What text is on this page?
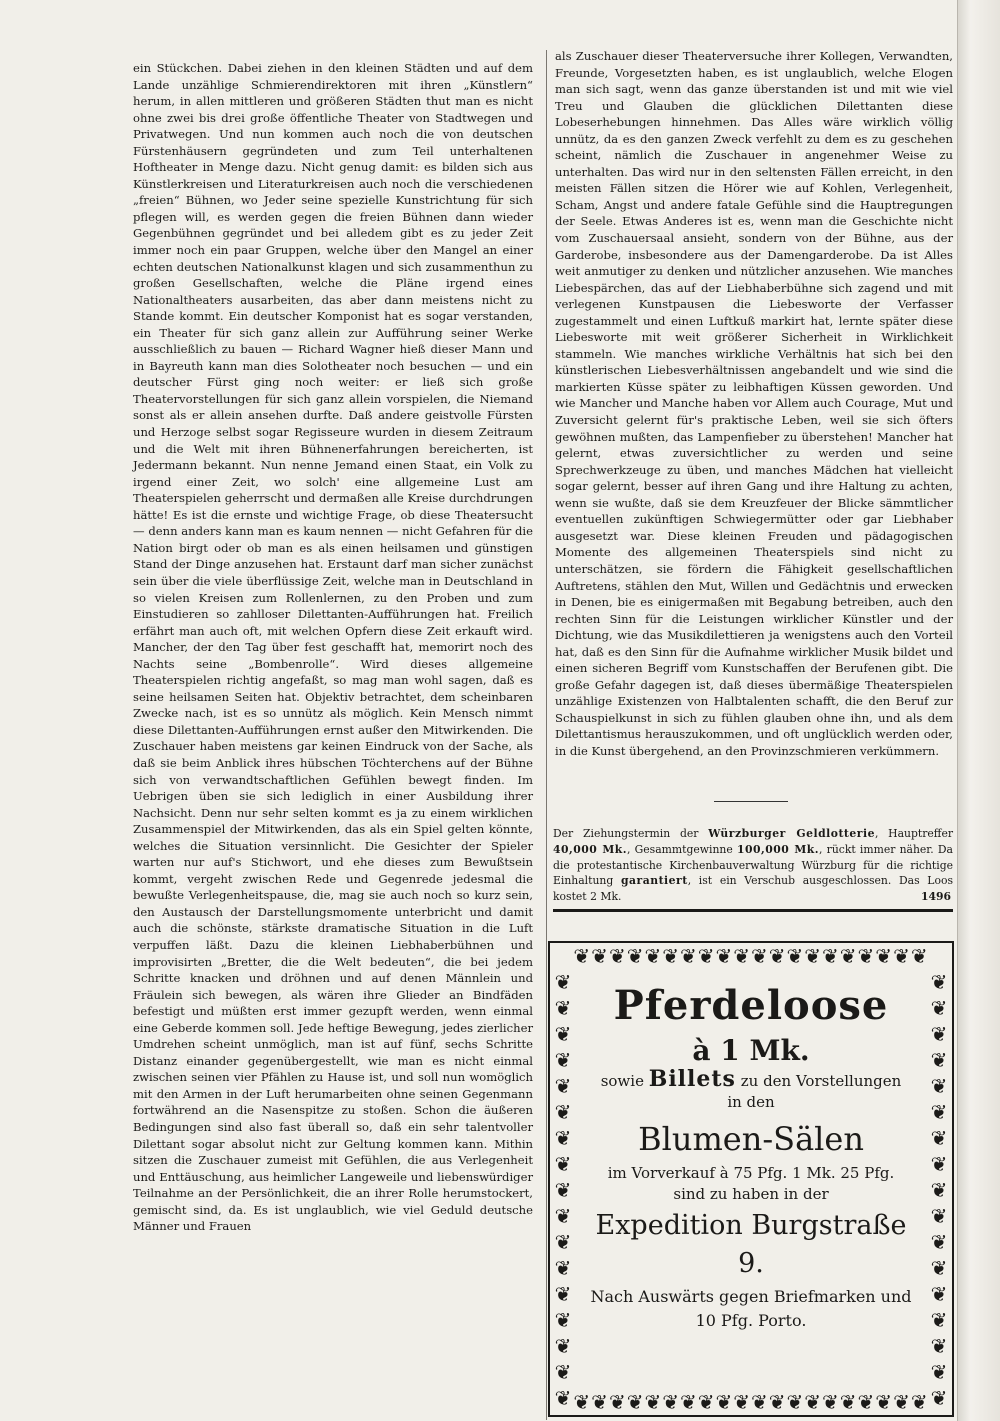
ein Stückchen. Dabei ziehen in den kleinen Städten und auf dem Lande unzählige Schmierendirektoren mit ihren „Künstlern“ herum, in allen mittleren und größeren Städten thut man es nicht ohne zwei bis drei große öffentliche Theater von Stadtwegen und Privatwegen. Und nun kommen auch noch die von deutschen Fürstenhäusern gegründeten und zum Teil unterhaltenen Hoftheater in Menge dazu. Nicht genug damit: es bilden sich aus Künstlerkreisen und Literaturkreisen auch noch die verschiedenen „freien“ Bühnen, wo Jeder seine spezielle Kunstrichtung für sich pflegen will, es werden gegen die freien Bühnen dann wieder Gegenbühnen gegründet und bei alledem gibt es zu jeder Zeit immer noch ein paar Gruppen, welche über den Mangel an einer echten deutschen Nationalkunst klagen und sich zusammenthun zu großen Gesellschaften, welche die Pläne irgend eines Nationaltheaters ausarbeiten, das aber dann meistens nicht zu Stande kommt. Ein deutscher Komponist hat es sogar verstanden, ein Theater für sich ganz allein zur Aufführung seiner Werke ausschließlich zu bauen — Richard Wagner hieß dieser Mann und in Bayreuth kann man dies Solotheater noch besuchen — und ein deutscher Fürst ging noch weiter: er ließ sich große Theatervorstellungen für sich ganz allein vorspielen, die Niemand sonst als er allein ansehen durfte. Daß andere geistvolle Fürsten und Herzoge selbst sogar Regisseure wurden in diesem Zeitraum und die Welt mit ihren Bühnenerfahrungen bereicherten, ist Jedermann bekannt. Nun nenne Jemand einen Staat, ein Volk zu irgend einer Zeit, wo solch' eine allgemeine Lust am Theaterspielen geherrscht und dermaßen alle Kreise durchdrungen hätte! Es ist die ernste und wichtige Frage, ob diese Theatersucht — denn anders kann man es kaum nennen — nicht Gefahren für die Nation birgt oder ob man es als einen heilsamen und günstigen Stand der Dinge anzusehen hat. Erstaunt darf man sicher zunächst sein über die viele überflüssige Zeit, welche man in Deutschland in so vielen Kreisen zum Rollenlernen, zu den Proben und zum Einstudieren so zahlloser Dilettanten-Aufführungen hat. Freilich erfährt man auch oft, mit welchen Opfern diese Zeit erkauft wird. Mancher, der den Tag über fest geschafft hat, memorirt noch des Nachts seine „Bombenrolle“. Wird dieses allgemeine Theaterspielen richtig angefaßt, so mag man wohl sagen, daß es seine heilsamen Seiten hat. Objektiv betrachtet, dem scheinbaren Zwecke nach, ist es so unnütz als möglich. Kein Mensch nimmt diese Dilettanten-Aufführungen ernst außer den Mitwirkenden. Die Zuschauer haben meistens gar keinen Eindruck von der Sache, als daß sie beim Anblick ihres hübschen Töchterchens auf der Bühne sich von verwandtschaftlichen Gefühlen bewegt finden. Im Uebrigen üben sie sich lediglich in einer Ausbildung ihrer Nachsicht. Denn nur sehr selten kommt es ja zu einem wirklichen Zusammenspiel der Mitwirkenden, das als ein Spiel gelten könnte, welches die Situation versinnlicht. Die Gesichter der Spieler warten nur auf's Stichwort, und ehe dieses zum Bewußtsein kommt, vergeht zwischen Rede und Gegenrede jedesmal die bewußte Verlegenheitspause, die, mag sie auch noch so kurz sein, den Austausch der Darstellungsmomente unterbricht und damit auch die schönste, stärkste dramatische Situation in die Luft verpuffen läßt. Dazu die kleinen Liebhaberbühnen und improvisirten „Bretter, die die Welt bedeuten“, die bei jedem Schritte knacken und dröhnen und auf denen Männlein und Fräulein sich bewegen, als wären ihre Glieder an Bindfäden befestigt und müßten erst immer gezupft werden, wenn einmal eine Geberde kommen soll. Jede heftige Bewegung, jedes zierlicher Umdrehen scheint unmöglich, man ist auf fünf, sechs Schritte Distanz einander gegenübergestellt, wie man es nicht einmal zwischen seinen vier Pfählen zu Hause ist, und soll nun womöglich mit den Armen in der Luft herumarbeiten ohne seinen Gegenmann fortwährend an die Nasenspitze zu stoßen. Schon die äußeren Bedingungen sind also fast überall so, daß ein sehr talentvoller Dilettant sogar absolut nicht zur Geltung kommen kann. Mithin sitzen die Zuschauer zumeist mit Gefühlen, die aus Verlegenheit und Enttäuschung, aus heimlicher Langeweile und liebenswürdiger Teilnahme an der Persönlichkeit, die an ihrer Rolle herumstockert, gemischt sind, da. Es ist unglaublich, wie viel Geduld deutsche Männer und Frauen

als Zuschauer dieser Theaterversuche ihrer Kollegen, Verwandten, Freunde, Vorgesetzten haben, es ist unglaublich, welche Elogen man sich sagt, wenn das ganze überstanden ist und mit wie viel Treu und Glauben die glücklichen Dilettanten diese Lobeserhebungen hinnehmen. Das Alles wäre wirklich völlig unnütz, da es den ganzen Zweck verfehlt zu dem es zu geschehen scheint, nämlich die Zuschauer in angenehmer Weise zu unterhalten. Das wird nur in den seltensten Fällen erreicht, in den meisten Fällen sitzen die Hörer wie auf Kohlen, Verlegenheit, Scham, Angst und andere fatale Gefühle sind die Hauptregungen der Seele. Etwas Anderes ist es, wenn man die Geschichte nicht vom Zuschauersaal ansieht, sondern von der Bühne, aus der Garderobe, insbesondere aus der Damengarderobe. Da ist Alles weit anmutiger zu denken und nützlicher anzusehen. Wie manches Liebespärchen, das auf der Liebhaberbühne sich zagend und mit verlegenen Kunstpausen die Liebesworte der Verfasser zugestammelt und einen Luftkuß markirt hat, lernte später diese Liebesworte mit weit größerer Sicherheit in Wirklichkeit stammeln. Wie manches wirkliche Verhältnis hat sich bei den künstlerischen Liebesverhältnissen angebandelt und wie sind die markierten Küsse später zu leibhaftigen Küssen geworden. Und wie Mancher und Manche haben vor Allem auch Courage, Mut und Zuversicht gelernt für's praktische Leben, weil sie sich öfters gewöhnen mußten, das Lampenfieber zu überstehen! Mancher hat gelernt, etwas zuversichtlicher zu werden und seine Sprechwerkzeuge zu üben, und manches Mädchen hat vielleicht sogar gelernt, besser auf ihren Gang und ihre Haltung zu achten, wenn sie wußte, daß sie dem Kreuzfeuer der Blicke sämmtlicher eventuellen zukünftigen Schwiegermütter oder gar Liebhaber ausgesetzt war. Diese kleinen Freuden und pädagogischen Momente des allgemeinen Theaterspiels sind nicht zu unterschätzen, sie fördern die Fähigkeit gesellschaftlichen Auftretens, stählen den Mut, Willen und Gedächtnis und erwecken in Denen, bie es einigermaßen mit Begabung betreiben, auch den rechten Sinn für die Leistungen wirklicher Künstler und der Dichtung, wie das Musikdilettieren ja wenigstens auch den Vorteil hat, daß es den Sinn für die Aufnahme wirklicher Musik bildet und einen sicheren Begriff vom Kunstschaffen der Berufenen gibt. Die große Gefahr dagegen ist, daß dieses übermäßige Theaterspielen unzählige Existenzen von Halbtalenten schafft, die den Beruf zur Schauspielkunst in sich zu fühlen glauben ohne ihn, und als dem Dilettantismus herauszukommen, und oft unglücklich werden oder, in die Kunst übergehend, an den Provinzschmieren verkümmern.

Der Ziehungstermin der Würzburger Geldlotterie, Hauptreffer 40,000 Mk., Gesammtgewinne 100,000 Mk., rückt immer näher. Da die protestantische Kirchenbauverwaltung Würzburg für die richtige Einhaltung garantiert, ist ein Verschub ausgeschlossen. Das Loos kostet 2 Mk.	1496
❦❦❦❦❦❦❦❦❦❦❦❦❦❦❦❦❦❦❦❦
❦❦❦❦❦❦❦❦❦❦❦❦❦❦❦❦❦❦❦❦
❦❦❦❦❦❦❦❦❦❦❦❦❦❦❦❦❦
❦❦❦❦❦❦❦❦❦❦❦❦❦❦❦❦❦
Pferdeloose
à 1 Mk.
sowie Billets zu den Vorstellungen
in den
Blumen-Sälen
im Vorverkauf à 75 Pfg. 1 Mk. 25 Pfg.
sind zu haben in der
Expedition Burgstraße 9.
Nach Auswärts gegen Briefmarken und
10 Pfg. Porto.
